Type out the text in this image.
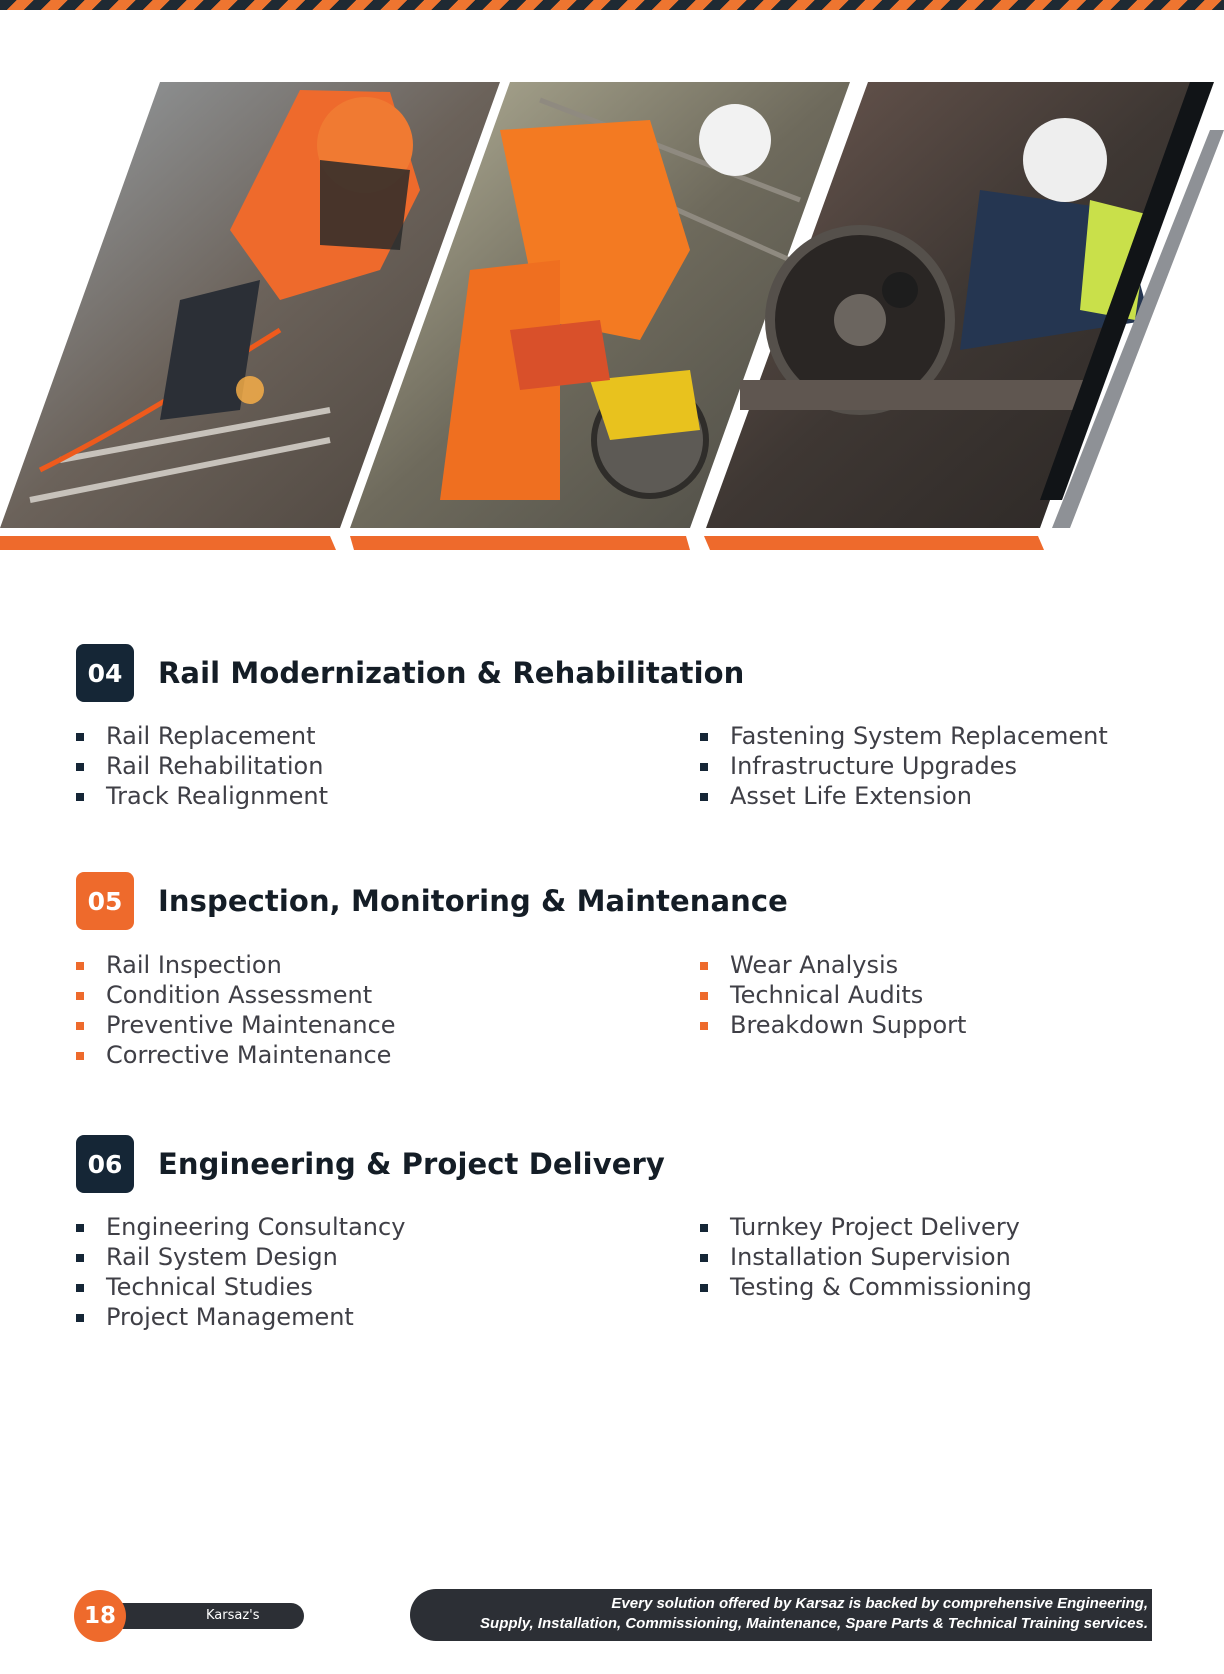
04	Rail Modernization & Rehabilitation
Rail Replacement
Rail Rehabilitation
Track Realignment
Fastening System Replacement
Infrastructure Upgrades
Asset Life Extension
05	Inspection, Monitoring & Maintenance
Rail Inspection
Condition Assessment
Preventive Maintenance
Corrective Maintenance
Wear Analysis
Technical Audits
Breakdown Support
06	Engineering & Project Delivery
Engineering Consultancy
Rail System Design
Technical Studies
Project Management
Turnkey Project Delivery
Installation Supervision
Testing & Commissioning
Karsaz's Profile
18	Every solution offered by Karsaz is backed by comprehensive Engineering,
Supply, Installation, Commissioning, Maintenance, Spare Parts & Technical Training services.
